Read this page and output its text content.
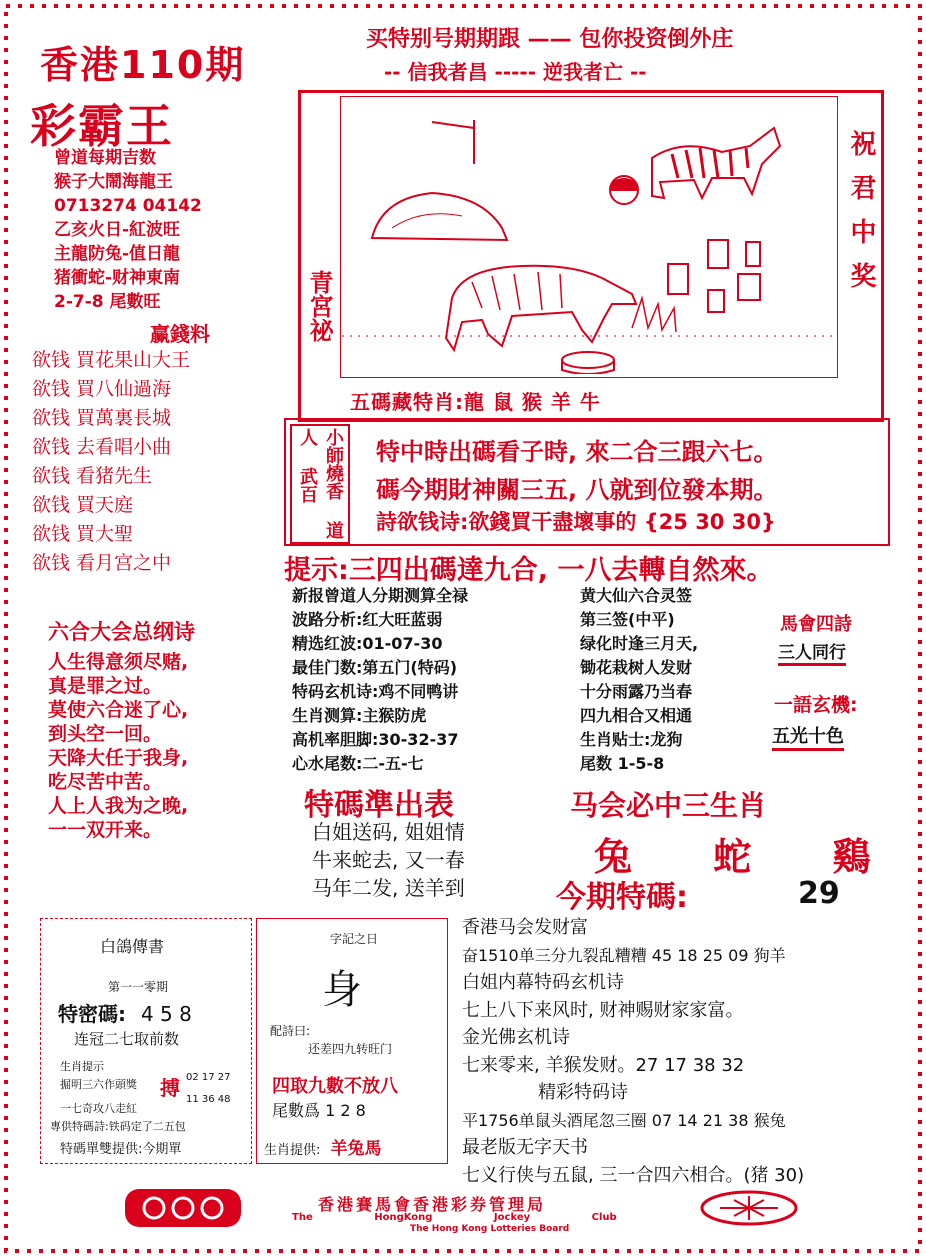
香港110期
买特别号期期跟 —— 包你投资倒外庄
-- 信我者昌 ----- 逆我者亡 --
彩霸王
曾道每期吉数
猴子大鬧海龍王
0713274 04142
乙亥火日-紅波旺
主龍防兔-值日龍
猪衝蛇-财神東南
2-7-8 尾數旺
赢錢料
欲钱 買花果山大王
欲钱 買八仙過海
欲钱 買萬裏長城
欲钱 去看唱小曲
欲钱 看猪先生
欲钱 買天庭
欲钱 買大聖
欲钱 看月宫之中
六合大会总纲诗
人生得意须尽赌,
真是罪之过。
莫使六合迷了心,
到头空一回。
天降大任于我身,
吃尽苦中苦。
人上人我为之晚,
一一双开来。
青宮祕	祝君中奖
五碼藏特肖:龍 鼠 猴 羊 牛
小師燒香 道人 武百	特中時出碼看子時, 來二合三跟六七。
碼今期財神關三五, 八就到位發本期。
詩欲钱诗:欲錢買干盡壞事的 {25 30 30}
提示:三四出碼達九合, 一八去轉自然來。
新报曾道人分期测算全禄
波路分析:红大旺蓝弱
精选红波:01-07-30
最佳门数:第五门(特码)
特码玄机诗:鸡不同鸭讲
生肖测算:主猴防虎
高机率胆脚:30-32-37
心水尾数:二-五-七
黄大仙六合灵签
第三签(中平)
绿化时逢三月天,
锄花栽树人发财
十分雨露乃当春
四九相合又相通
生肖贴士:龙狗
尾数 1-5-8
馬會四詩
三人同行
一語玄機:
五光十色
特碼準出表
白姐送码, 姐姐情
牛来蛇去, 又一春
马年二发, 送羊到
马会必中三生肖
兔 蛇 鷄
今期特碼:	29
白鴿傳書
第一一零期
特密碼: 4 5 8
连冠二七取前数
生肖提示
掘明三六作頭獎
一七奇攻八走紅
搏 02 17 27
11 36 48
專供特碼詩:铁码定了二五包
特碼單雙提供:今期單
字記之日
身
配詩曰:
还差四九转旺门
四取九數不放八
尾數爲 1 2 8
生肖提供: 羊兔馬
香港马会发财富
奋1510单三分九裂乱糟糟 45 18 25 09 狗羊
白姐内幕特码玄机诗
七上八下来风时, 财神赐财家家富。
金光佛玄机诗
七来零来, 羊猴发财。27 17 38 32
精彩特码诗
平1756单鼠头酒尾忽三圈 07 14 21 38 猴兔
最老版无字天书
七义行侠与五鼠, 三一合四六相合。(猪 30)
香港賽馬會香港彩券管理局
The HongKong Jockey Club
The Hong Kong Lotteries Board
